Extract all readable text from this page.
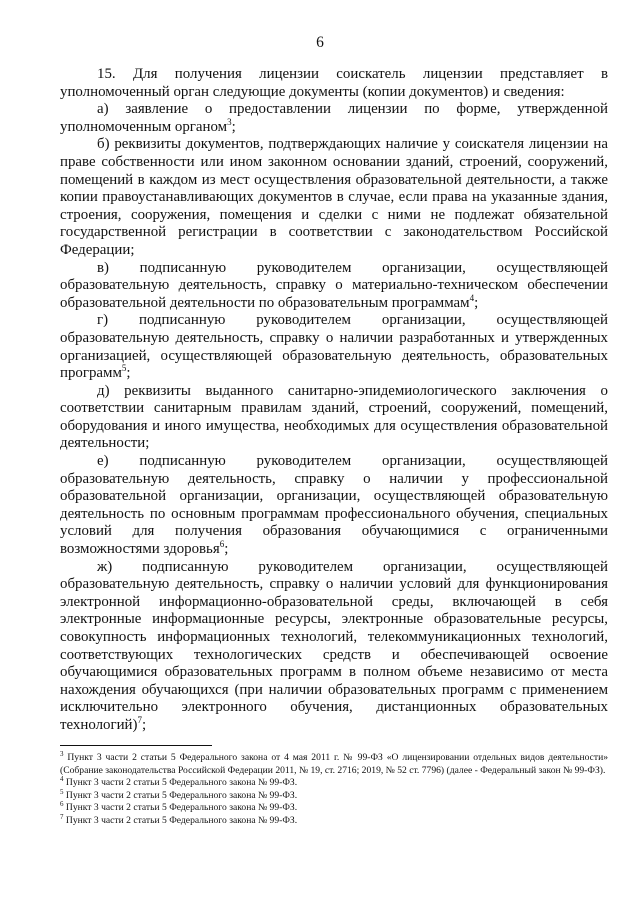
6

15. Для получения лицензии соискатель лицензии представляет в уполномоченный орган следующие документы (копии документов) и сведения:

а) заявление о предоставлении лицензии по форме, утвержденной уполномоченным органом$^3$;

б) реквизиты документов, подтверждающих наличие у соискателя лицензии на праве собственности или ином законном основании зданий, строений, сооружений, помещений в каждом из мест осуществления образовательной деятельности, а также копии правоустанавливающих документов в случае, если права на указанные здания, строения, сооружения, помещения и сделки с ними не подлежат обязательной государственной регистрации в соответствии с законодательством Российской Федерации;

в) подписанную руководителем организации, осуществляющей образовательную деятельность, справку о материально-техническом обеспечении образовательной деятельности по образовательным программам$^4$;

г) подписанную руководителем организации, осуществляющей образовательную деятельность, справку о наличии разработанных и утвержденных организацией, осуществляющей образовательную деятельность, образовательных программ$^5$;

д) реквизиты выданного санитарно-эпидемиологического заключения о соответствии санитарным правилам зданий, строений, сооружений, помещений, оборудования и иного имущества, необходимых для осуществления образовательной деятельности;

е) подписанную руководителем организации, осуществляющей образовательную деятельность, справку о наличии у профессиональной образовательной организации, организации, осуществляющей образовательную деятельность по основным программам профессионального обучения, специальных условий для получения образования обучающимися с ограниченными возможностями здоровья$^6$;

ж) подписанную руководителем организации, осуществляющей образовательную деятельность, справку о наличии условий для функционирования электронной информационно-образовательной среды, включающей в себя электронные информационные ресурсы, электронные образовательные ресурсы, совокупность информационных технологий, телекоммуникационных технологий, соответствующих технологических средств и обеспечивающей освоение обучающимися образовательных программ в полном объеме независимо от места нахождения обучающихся (при наличии образовательных программ с применением исключительно электронного обучения, дистанционных образовательных технологий)$^7$;

$^3$ Пункт 3 части 2 статьи 5 Федерального закона от 4 мая 2011 г. № 99-ФЗ «О лицензировании отдельных видов деятельности» (Собрание законодательства Российской Федерации 2011, № 19, ст. 2716; 2019, № 52 ст. 7796) (далее - Федеральный закон № 99-ФЗ).

$^4$ Пункт 3 части 2 статьи 5 Федерального закона № 99-ФЗ.

$^5$ Пункт 3 части 2 статьи 5 Федерального закона № 99-ФЗ.

$^6$ Пункт 3 части 2 статьи 5 Федерального закона № 99-ФЗ.

$^7$ Пункт 3 части 2 статьи 5 Федерального закона № 99-ФЗ.
